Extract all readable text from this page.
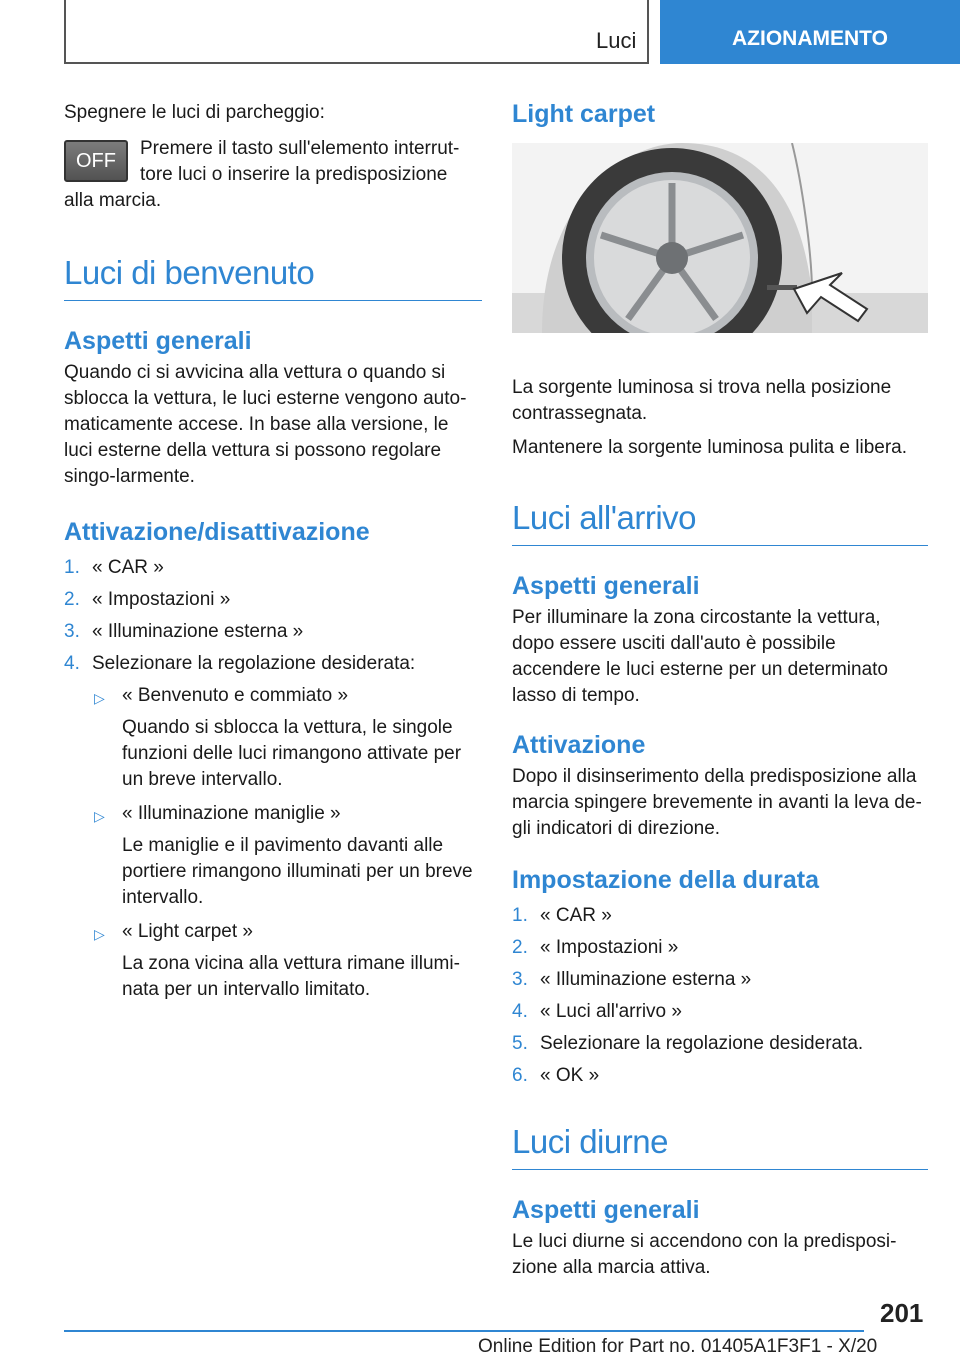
Luci	AZIONAMENTO

Spegnere le luci di parcheggio:

OFF

Premere il tasto sull'elemento interrut-tore luci o inserire la predisposizione alla marcia.

Luci di benvenuto
Aspetti generali

Quando ci si avvicina alla vettura o quando si sblocca la vettura, le luci esterne vengono auto-maticamente accese. In base alla versione, le luci esterne della vettura si possono regolare singo-larmente.

Attivazione/disattivazione
1. « CAR »
2. « Impostazioni »
3. « Illuminazione esterna »
4. Selezionare la regolazione desiderata:
▷ « Benvenuto e commiato »
Quando si sblocca la vettura, le singole funzioni delle luci rimangono attivate per un breve intervallo.
▷ « Illuminazione maniglie »
Le maniglie e il pavimento davanti alle portiere rimangono illuminati per un breve intervallo.
▷ « Light carpet »
La zona vicina alla vettura rimane illumi-nata per un intervallo limitato.
Light carpet

La sorgente luminosa si trova nella posizione contrassegnata.

Mantenere la sorgente luminosa pulita e libera.

Luci all'arrivo
Aspetti generali

Per illuminare la zona circostante la vettura, dopo essere usciti dall'auto è possibile accendere le luci esterne per un determinato lasso di tempo.

Attivazione

Dopo il disinserimento della predisposizione alla marcia spingere brevemente in avanti la leva de-gli indicatori di direzione.

Impostazione della durata
1. « CAR »
2. « Impostazioni »
3. « Illuminazione esterna »
4. « Luci all'arrivo »
5. Selezionare la regolazione desiderata.
6. « OK »
Luci diurne
Aspetti generali

Le luci diurne si accendono con la predisposi-zione alla marcia attiva.

201
Online Edition for Part no. 01405A1F3F1 - X/20
